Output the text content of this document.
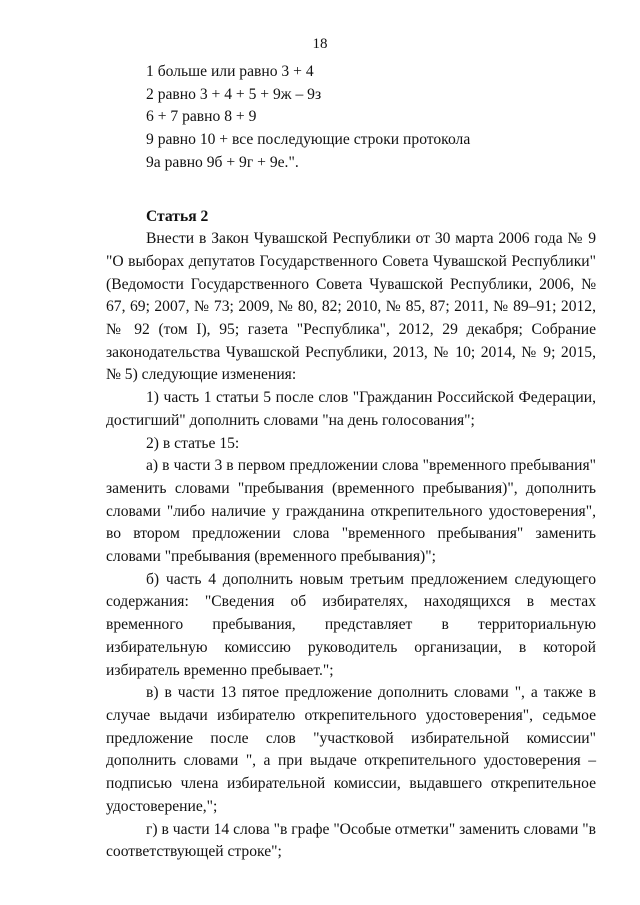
18

1 больше или равно 3 + 4

2 равно 3 + 4 + 5 + 9ж – 9з

6 + 7 равно 8 + 9

9 равно 10 + все последующие строки протокола

9а равно 9б + 9г + 9е.".

Статья 2

Внести в Закон Чувашской Республики от 30 марта 2006 года № 9 "О выборах депутатов Государственного Совета Чувашской Республики" (Ведомости Государственного Совета Чувашской Республики, 2006, № 67, 69; 2007, № 73; 2009, № 80, 82; 2010, № 85, 87; 2011, № 89–91; 2012, № 92 (том I), 95; газета "Республика", 2012, 29 декабря; Собрание законодательства Чувашской Республики, 2013, № 10; 2014, № 9; 2015, № 5) следующие изменения:

1) часть 1 статьи 5 после слов "Гражданин Российской Федерации, достигший" дополнить словами "на день голосования";

2) в статье 15:

а) в части 3 в первом предложении слова "временного пребывания" заменить словами "пребывания (временного пребывания)", дополнить словами "либо наличие у гражданина открепительного удостоверения", во втором предложении слова "временного пребывания" заменить словами "пребывания (временного пребывания)";

б) часть 4 дополнить новым третьим предложением следующего содержания: "Сведения об избирателях, находящихся в местах временного пребывания, представляет в территориальную избирательную комиссию руководитель организации, в которой избиратель временно пребывает.";

в) в части 13 пятое предложение дополнить словами ", а также в случае выдачи избирателю открепительного удостоверения", седьмое предложение после слов "участковой избирательной комиссии" дополнить словами ", а при выдаче открепительного удостоверения – подписью члена избирательной комиссии, выдавшего открепительное удостоверение,";

г) в части 14 слова "в графе "Особые отметки" заменить словами "в соответствующей строке";
